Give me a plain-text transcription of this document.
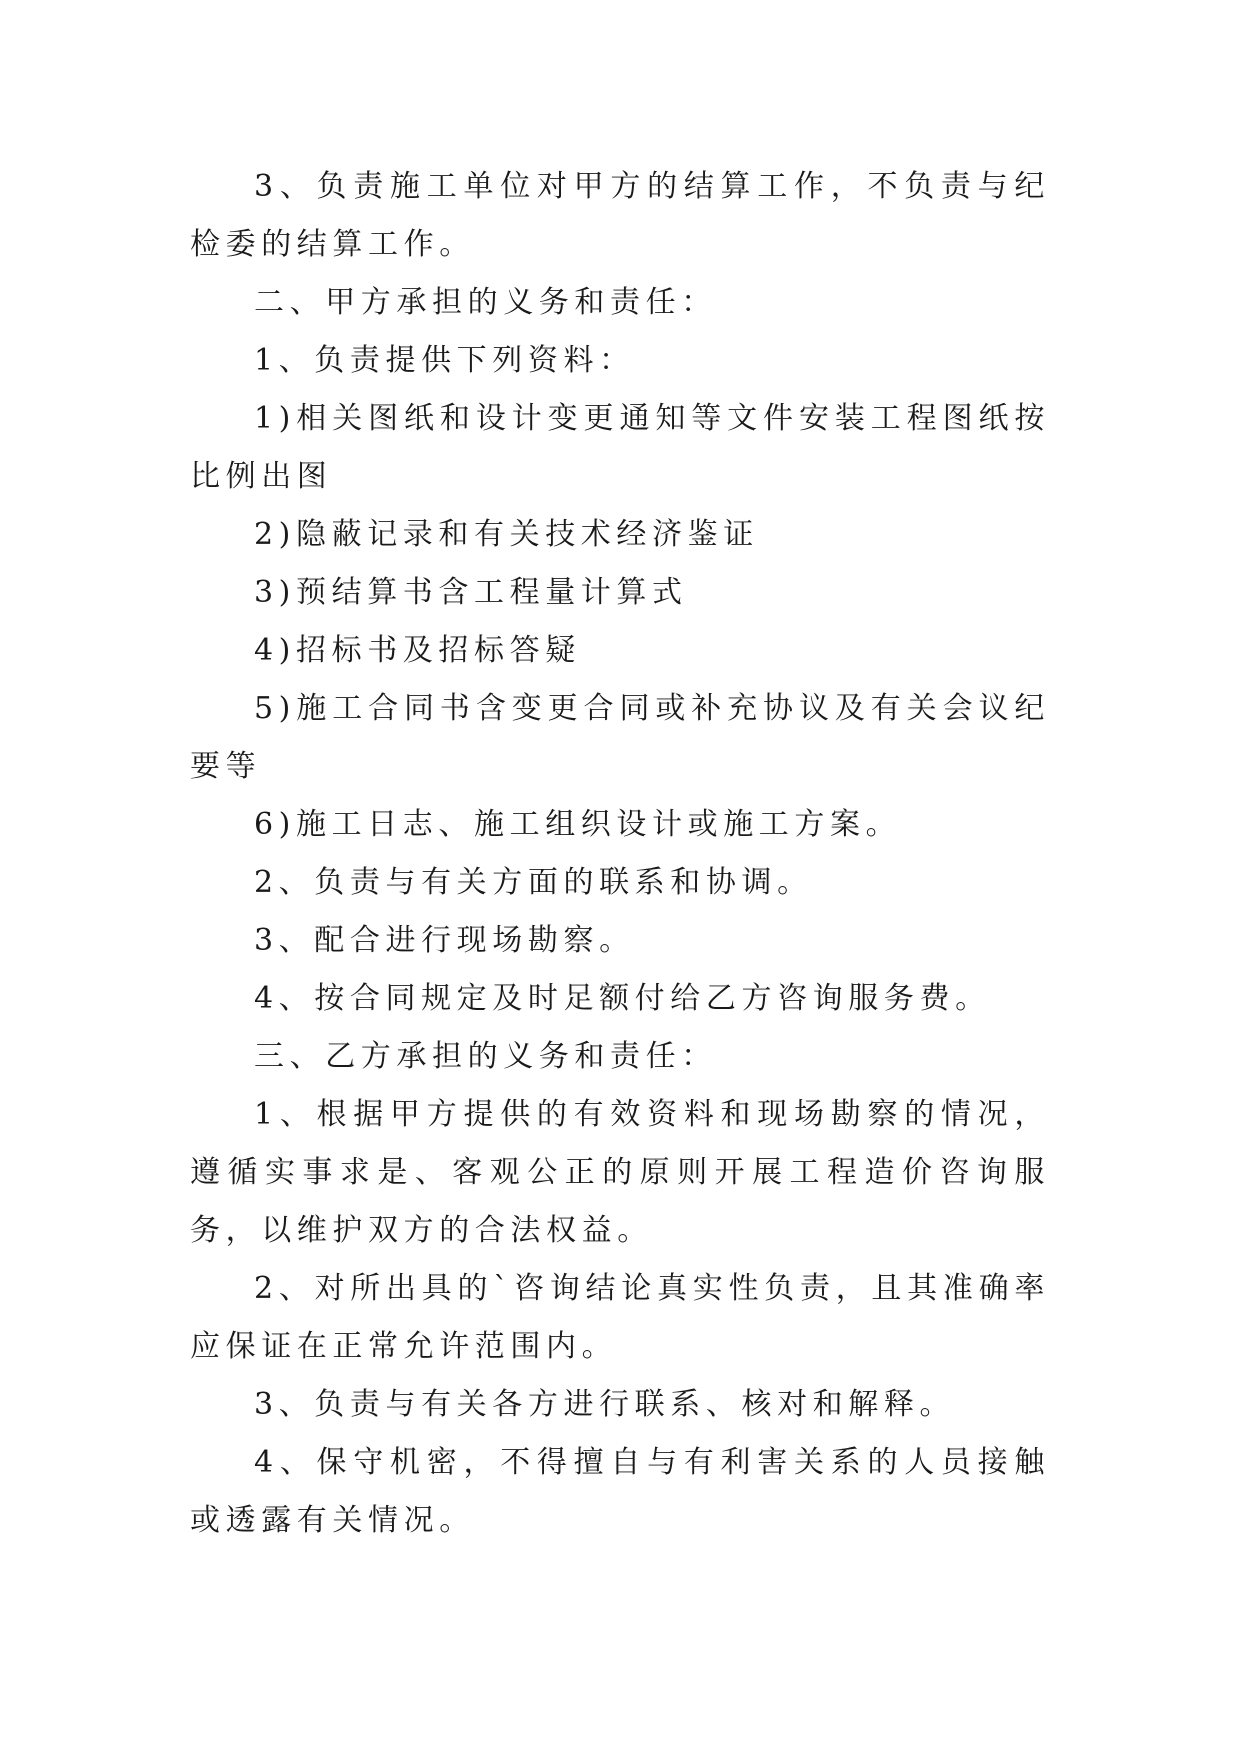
3、负责施工单位对甲方的结算工作，不负责与纪检委的结算工作。

二、甲方承担的义务和责任：

1、负责提供下列资料：

1)相关图纸和设计变更通知等文件安装工程图纸按比例出图

2)隐蔽记录和有关技术经济鉴证

3)预结算书含工程量计算式

4)招标书及招标答疑

5)施工合同书含变更合同或补充协议及有关会议纪要等

6)施工日志、施工组织设计或施工方案。

2、负责与有关方面的联系和协调。

3、配合进行现场勘察。

4、按合同规定及时足额付给乙方咨询服务费。

三、乙方承担的义务和责任：

1、根据甲方提供的有效资料和现场勘察的情况，遵循实事求是、客观公正的原则开展工程造价咨询服务，以维护双方的合法权益。

2、对所出具的`咨询结论真实性负责，且其准确率应保证在正常允许范围内。

3、负责与有关各方进行联系、核对和解释。

4、保守机密，不得擅自与有利害关系的人员接触或透露有关情况。
